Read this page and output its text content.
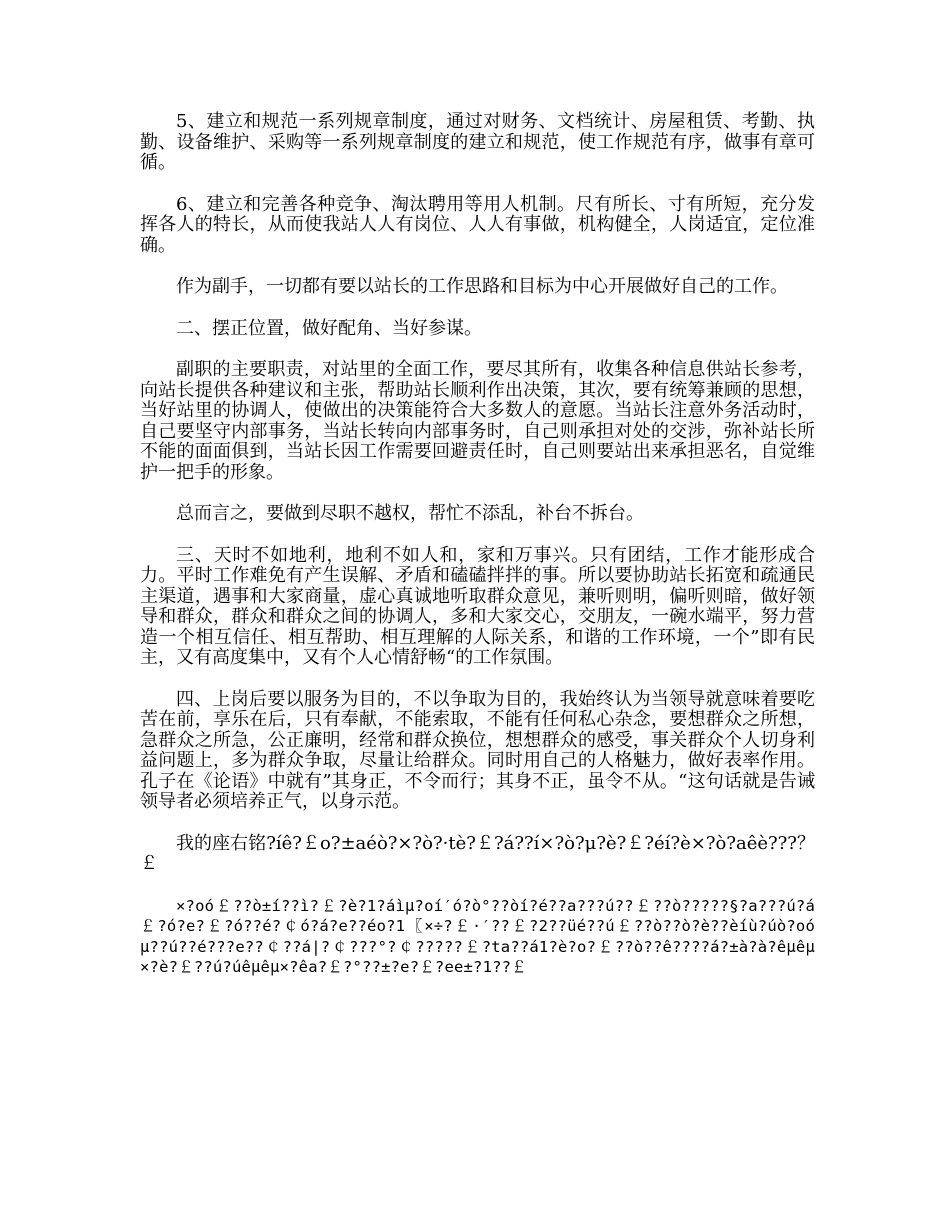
5、建立和规范一系列规章制度，通过对财务、文档统计、房屋租赁、考勤、执勤、设备维护、采购等一系列规章制度的建立和规范，使工作规范有序，做事有章可循。

6、建立和完善各种竞争、淘汰聘用等用人机制。尺有所长、寸有所短，充分发挥各人的特长，从而使我站人人有岗位、人人有事做，机构健全，人岗适宜，定位准确。

作为副手，一切都有要以站长的工作思路和目标为中心开展做好自己的工作。

二、摆正位置，做好配角、当好参谋。

副职的主要职责，对站里的全面工作，要尽其所有，收集各种信息供站长参考，向站长提供各种建议和主张，帮助站长顺利作出决策，其次，要有统筹兼顾的思想，当好站里的协调人，使做出的决策能符合大多数人的意愿。当站长注意外务活动时，自己要坚守内部事务，当站长转向内部事务时，自己则承担对处的交涉，弥补站长所不能的面面俱到，当站长因工作需要回避责任时，自己则要站出来承担恶名，自觉维护一把手的形象。

总而言之，要做到尽职不越权，帮忙不添乱，补台不拆台。

三、天时不如地利，地利不如人和，家和万事兴。只有团结，工作才能形成合力。平时工作难免有产生误解、矛盾和磕磕拌拌的事。所以要协助站长拓宽和疏通民主渠道，遇事和大家商量，虚心真诚地听取群众意见，兼听则明，偏听则暗，做好领导和群众，群众和群众之间的协调人，多和大家交心，交朋友，一碗水端平，努力营造一个相互信任、相互帮助、相互理解的人际关系，和谐的工作环境，一个”即有民主，又有高度集中，又有个人心情舒畅“的工作氛围。

四、上岗后要以服务为目的，不以争取为目的，我始终认为当领导就意味着要吃苦在前，享乐在后，只有奉献，不能索取，不能有任何私心杂念，要想群众之所想，急群众之所急，公正廉明，经常和群众换位，想想群众的感受，事关群众个人切身利益问题上，多为群众争取，尽量让给群众。同时用自己的人格魅力，做好表率作用。孔子在《论语》中就有”其身正，不令而行；其身不正，虽令不从。“这句话就是告诫领导者必须培养正气，以身示范。

我的座右铭?íê?￡o?±aéò?×?ò?·tè?￡?á??í×?ò?μ?è?￡?éí?è×?ò?aêè???？￡

×?oó￡??ò±í??ì?￡?è?1?áìμ?oí′ó?ò°??òí?é??a???ú??￡??ò?????§?a???ú?á￡?ó?e?￡?ó??é?￠ó?á?e??éo?1〖×÷?￡·′??￡?2??üé??ú￡??ò??ò?è??èíù?úò?oóμ??ú??é???e??￠??á|?￠???°?￠?????￡?ta??á1?è?o?￡??ò??ê????á?±à?à?êμêμ×?è?￡??ú?úêμêμ×?êa?￡?°??±?e?￡?ee±?1??￡
